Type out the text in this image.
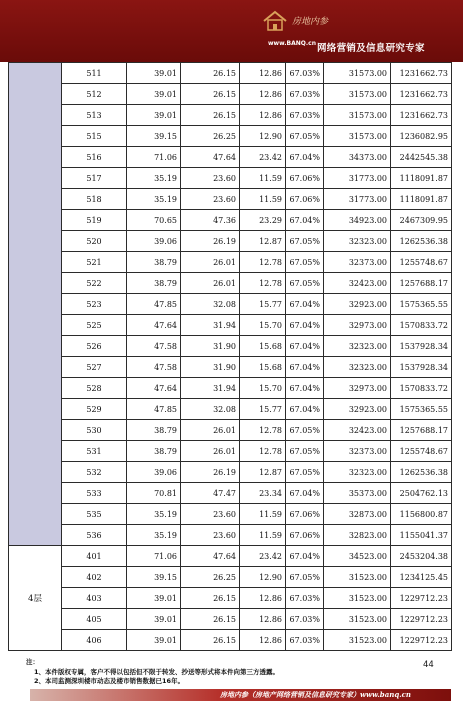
房地内参
www.BANQ.cn 网络营销及信息研究专家
	511	39.01	26.15	12.86	67.03%	31573.00	1231662.73
	512	39.01	26.15	12.86	67.03%	31573.00	1231662.73
	513	39.01	26.15	12.86	67.03%	31573.00	1231662.73
	515	39.15	26.25	12.90	67.05%	31573.00	1236082.95
	516	71.06	47.64	23.42	67.04%	34373.00	2442545.38
	517	35.19	23.60	11.59	67.06%	31773.00	1118091.87
	518	35.19	23.60	11.59	67.06%	31773.00	1118091.87
	519	70.65	47.36	23.29	67.04%	34923.00	2467309.95
	520	39.06	26.19	12.87	67.05%	32323.00	1262536.38
	521	38.79	26.01	12.78	67.05%	32373.00	1255748.67
	522	38.79	26.01	12.78	67.05%	32423.00	1257688.17
	523	47.85	32.08	15.77	67.04%	32923.00	1575365.55
	525	47.64	31.94	15.70	67.04%	32973.00	1570833.72
	526	47.58	31.90	15.68	67.04%	32323.00	1537928.34
	527	47.58	31.90	15.68	67.04%	32323.00	1537928.34
	528	47.64	31.94	15.70	67.04%	32973.00	1570833.72
	529	47.85	32.08	15.77	67.04%	32923.00	1575365.55
	530	38.79	26.01	12.78	67.05%	32423.00	1257688.17
	531	38.79	26.01	12.78	67.05%	32373.00	1255748.67
	532	39.06	26.19	12.87	67.05%	32323.00	1262536.38
	533	70.81	47.47	23.34	67.04%	35373.00	2504762.13
	535	35.19	23.60	11.59	67.06%	32873.00	1156800.87
	536	35.19	23.60	11.59	67.06%	32823.00	1155041.37
4层	401	71.06	47.64	23.42	67.04%	34523.00	2453204.38
	402	39.15	26.25	12.90	67.05%	31523.00	1234125.45
	403	39.01	26.15	12.86	67.03%	31523.00	1229712.23
	405	39.01	26.15	12.86	67.03%	31523.00	1229712.23
	406	39.01	26.15	12.86	67.03%	31523.00	1229712.23
注：
1、本件版权专属，客户不得以包括但不限于转发、抄送等形式将本件向第三方透露。
2、本司监测深圳楼市动态及楼市销售数据已16年。
44
房地内参（房地产网络营销及信息研究专家）www.banq.cn
